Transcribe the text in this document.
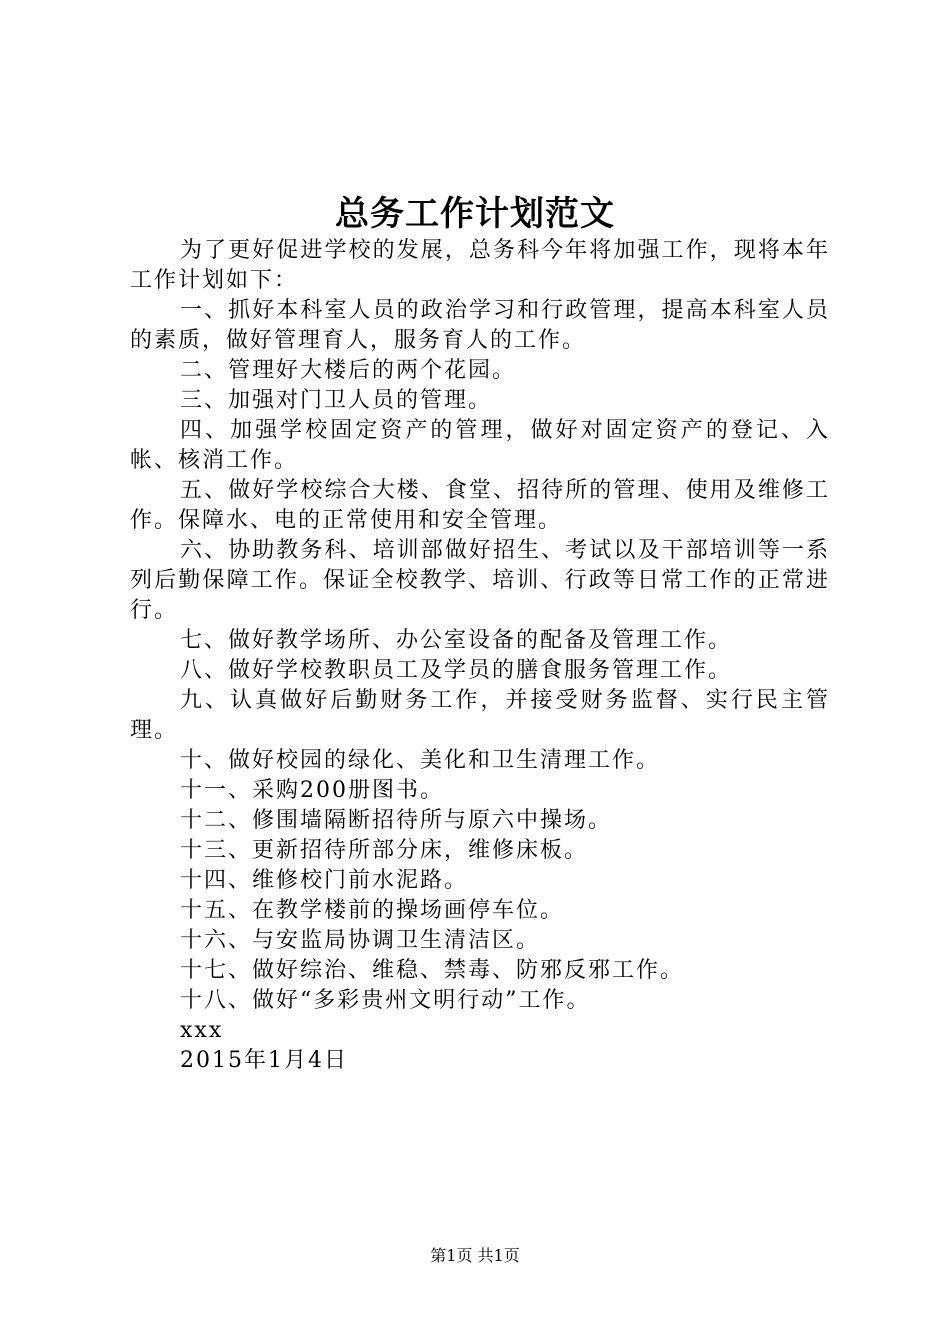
总务工作计划范文

为了更好促进学校的发展，总务科今年将加强工作，现将本年工作计划如下：

一、抓好本科室人员的政治学习和行政管理，提高本科室人员的素质，做好管理育人，服务育人的工作。

二、管理好大楼后的两个花园。

三、加强对门卫人员的管理。

四、加强学校固定资产的管理，做好对固定资产的登记、入帐、核消工作。

五、做好学校综合大楼、食堂、招待所的管理、使用及维修工作。保障水、电的正常使用和安全管理。

六、协助教务科、培训部做好招生、考试以及干部培训等一系列后勤保障工作。保证全校教学、培训、行政等日常工作的正常进行。

七、做好教学场所、办公室设备的配备及管理工作。

八、做好学校教职员工及学员的膳食服务管理工作。

九、认真做好后勤财务工作，并接受财务监督、实行民主管理。

十、做好校园的绿化、美化和卫生清理工作。

十一、采购200册图书。

十二、修围墙隔断招待所与原六中操场。

十三、更新招待所部分床，维修床板。

十四、维修校门前水泥路。

十五、在教学楼前的操场画停车位。

十六、与安监局协调卫生清洁区。

十七、做好综治、维稳、禁毒、防邪反邪工作。

十八、做好“多彩贵州文明行动”工作。

xxx

2015年1月4日

第1页 共1页
